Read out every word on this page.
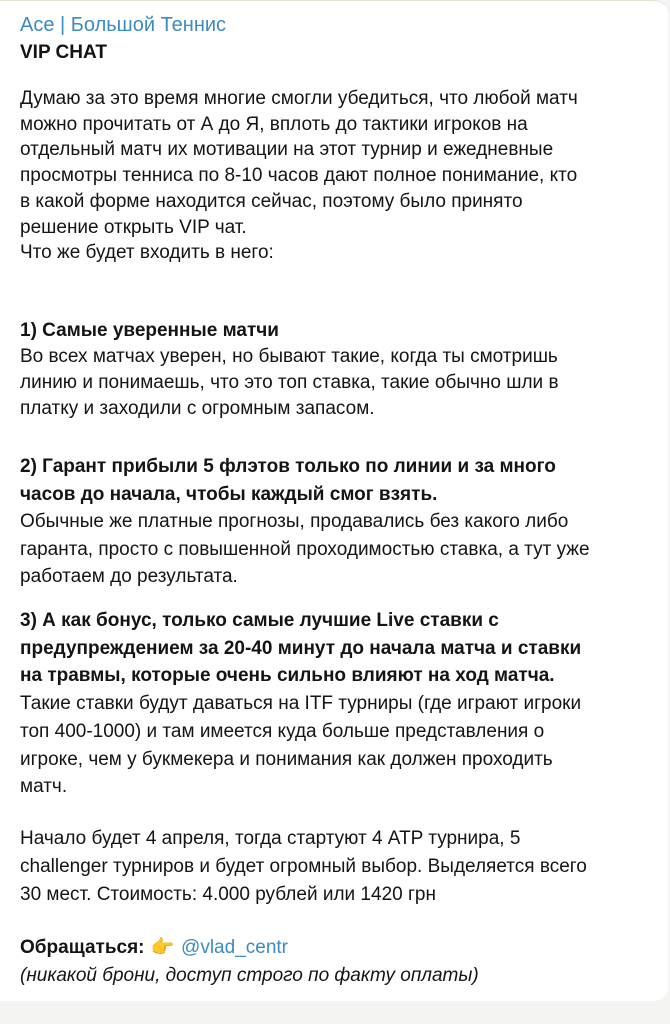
Ace | Большой Теннис
VIP CHAT
Думаю за это время многие смогли убедиться, что любой матч
можно прочитать от А до Я, вплоть до тактики игроков на
отдельный матч их мотивации на этот турнир и ежедневные
просмотры тенниса по 8-10 часов дают полное понимание, кто
в какой форме находится сейчас, поэтому было принято
решение открыть VIP чат.
Что же будет входить в него:
1) Самые уверенные матчи
Во всех матчах уверен, но бывают такие, когда ты смотришь
линию и понимаешь, что это топ ставка, такие обычно шли в
платку и заходили с огромным запасом.
2) Гарант прибыли 5 флэтов только по линии и за много
часов до начала, чтобы каждый смог взять.
Обычные же платные прогнозы, продавались без какого либо
гаранта, просто с повышенной проходимостью ставка, а тут уже
работаем до результата.
3) А как бонус, только самые лучшие Live ставки с
предупреждением за 20-40 минут до начала матча и ставки
на травмы, которые очень сильно влияют на ход матча.
Такие ставки будут даваться на ITF турниры (где играют игроки
топ 400-1000) и там имеется куда больше представления о
игроке, чем у букмекера и понимания как должен проходить
матч.
Начало будет 4 апреля, тогда стартуют 4 ATP турнира, 5
challenger турниров и будет огромный выбор. Выделяется всего
30 мест. Стоимость: 4.000 рублей или 1420 грн
Обращаться: 👉 @vlad_centr
(никакой брони, доступ строго по факту оплаты)
